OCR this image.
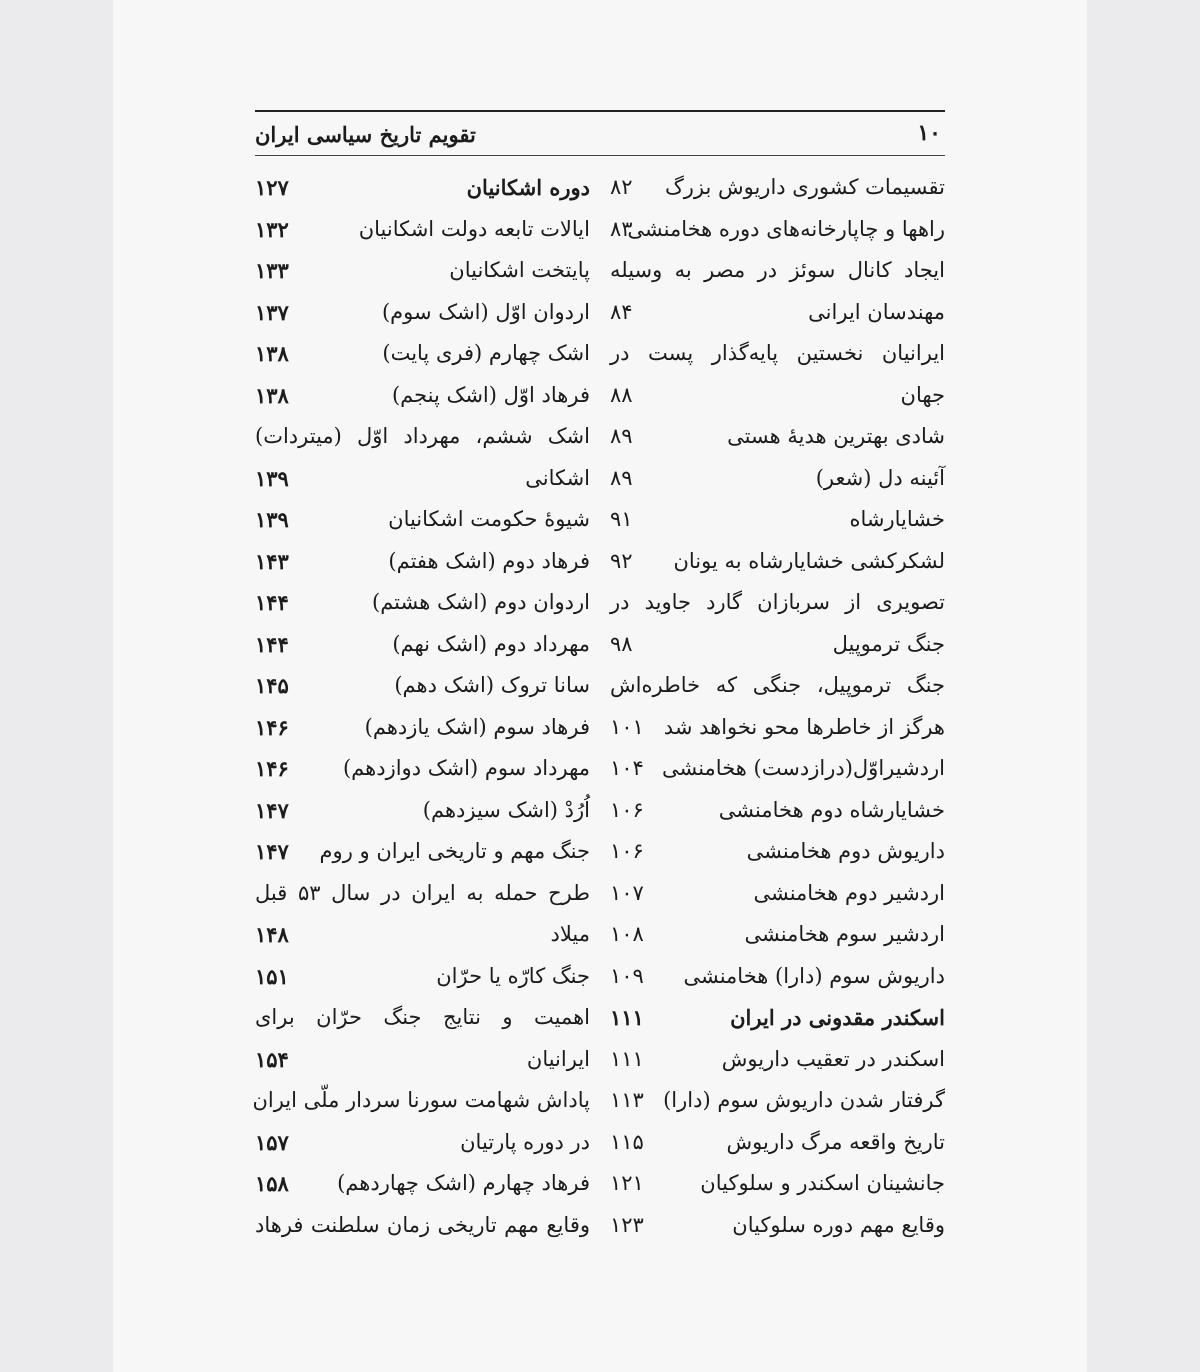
تقویم تاریخ سیاسی ایران	۱۰
تقسیمات کشوری داریوش بزرگ
۸۲
راهها و چاپارخانه‌های دوره هخامنشی
۸۳
ایجاد کانال سوئز در مصر به وسیله
مهندسان ایرانی
۸۴
ایرانیان نخستین پایه‌گذار پست در
جهان
۸۸
شادی بهترین هدیهٔ هستی
۸۹
آئینه دل (شعر)
۸۹
خشایارشاه
۹۱
لشکرکشی خشایارشاه به یونان
۹۲
تصویری از سربازان گارد جاوید در
جنگ ترموپیل
۹۸
جنگ ترموپیل، جنگی که خاطره‌اش
هرگز از خاطرها محو نخواهد شد
۱۰۱
اردشیراوّل(درازدست) هخامنشی
۱۰۴
خشایارشاه دوم هخامنشی
۱۰۶
داریوش دوم هخامنشی
۱۰۶
اردشیر دوم هخامنشی
۱۰۷
اردشیر سوم هخامنشی
۱۰۸
داریوش سوم (دارا) هخامنشی
۱۰۹
اسکندر مقدونی در ایران
۱۱۱
اسکندر در تعقیب داریوش
۱۱۱
گرفتار شدن داریوش سوم (دارا)
۱۱۳
تاریخ واقعه مرگ داریوش
۱۱۵
جانشینان اسکندر و سلوکیان
۱۲۱
وقایع مهم دوره سلوکیان
۱۲۳
دوره اشکانیان
۱۲۷
ایالات تابعه دولت اشکانیان
۱۳۲
پایتخت اشکانیان
۱۳۳
اردوان اوّل (اشک سوم)
۱۳۷
اشک چهارم (فری پایت)
۱۳۸
فرهاد اوّل (اشک پنجم)
۱۳۸
اشک ششم، مهرداد اوّل (میتردات)
اشکانی
۱۳۹
شیوهٔ حکومت اشکانیان
۱۳۹
فرهاد دوم (اشک هفتم)
۱۴۳
اردوان دوم (اشک هشتم)
۱۴۴
مهرداد دوم (اشک نهم)
۱۴۴
سانا تروک (اشک دهم)
۱۴۵
فرهاد سوم (اشک یازدهم)
۱۴۶
مهرداد سوم (اشک دوازدهم)
۱۴۶
اُرُدْ (اشک سیزدهم)
۱۴۷
جنگ مهم و تاریخی ایران و روم
۱۴۷
طرح حمله به ایران در سال ۵۳ قبل
میلاد
۱۴۸
جنگ کارّه یا حرّان
۱۵۱
اهمیت و نتایج جنگ حرّان برای
ایرانیان
۱۵۴
پاداش شهامت سورنا سردار ملّی ایران
در دوره پارتیان
۱۵۷
فرهاد چهارم (اشک چهاردهم)
۱۵۸
وقایع مهم تاریخی زمان سلطنت فرهاد
